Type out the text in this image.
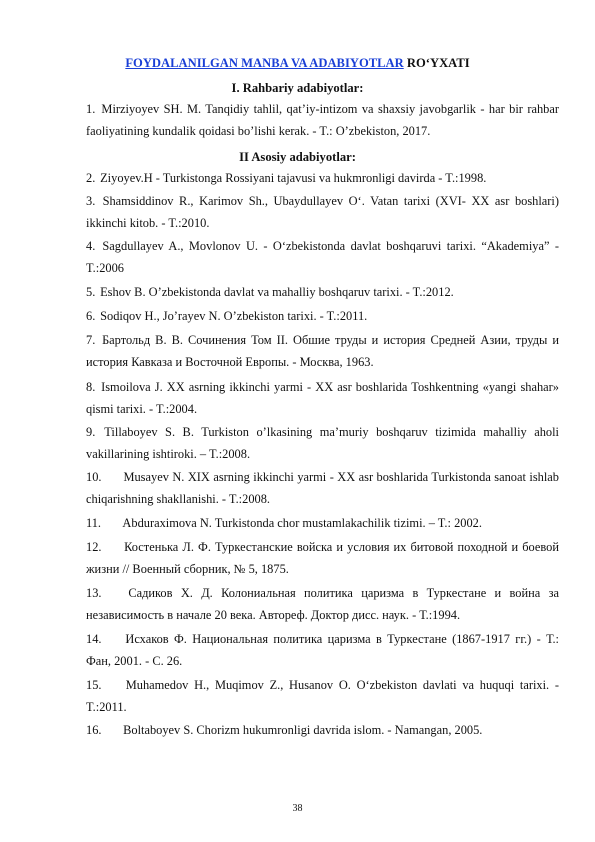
FOYDALANILGAN MANBA VA ADABIYOTLAR RO‘YXATI
I. Rahbariy adabiyotlar:
1. Mirziyoyev SH. M. Tanqidiy tahlil, qat’iy-intizom va shaxsiy javobgarlik - har bir rahbar faoliyatining kundalik qoidasi bo’lishi kerak. - T.: O’zbekiston, 2017.
II Asosiy adabiyotlar:
2. Ziyoyev.H - Turkistonga Rossiyani tajavusi va hukmronligi davirda - T.:1998.
3. Shamsiddinov R., Karimov Sh., Ubaydullayev O‘. Vatan tarixi (XVI- XX asr boshlari) ikkinchi kitob. - T.:2010.
4. Sagdullayev A., Movlonov U. - O‘zbekistonda davlat boshqaruvi tarixi. “Akademiya” - T.:2006
5. Eshov B. O’zbekistonda davlat va mahalliy boshqaruv tarixi. - T.:2012.
6. Sodiqov H., Jo’rayev N. O’zbekiston tarixi. - T.:2011.
7. Бартольд В. В. Сочинения Том II. Обшие труды и история Средней Азии, труды и история Кавказа и Восточной Европы. - Москва, 1963.
8. Ismoilova J. XX asrning ikkinchi yarmi - XX asr boshlarida Toshkentning «yangi shahar» qismi tarixi. - T.:2004.
9. Tillaboyev S. B. Turkiston o’lkasining ma’muriy boshqaruv tizimida mahalliy aholi vakillarining ishtiroki. – T.:2008.
10. Musayev N. XIX asrning ikkinchi yarmi - XX asr boshlarida Turkistonda sanoat ishlab chiqarishning shakllanishi. - T.:2008.
11. Abduraximova N. Turkistonda chor mustamlakachilik tizimi. – T.: 2002.
12. Костенька Л. Ф. Туркестанские войска и условия их битовой походной и боевой жизни // Военный сборник, № 5, 1875.
13. Садиков Х. Д. Колониальная политика царизма в Туркестане и война за независимость в начале 20 века. Автореф. Доктор дисс. наук. - Т.:1994.
14. Исхаков Ф. Национальная политика царизма в Туркестане (1867-1917 гг.) - Т.: Фан, 2001. - С. 26.
15. Muhamedov H., Muqimov Z., Husanov O. O‘zbekiston davlati va huquqi tarixi. - T.:2011.
16. Boltaboyev S. Chorizm hukumronligi davrida islom. - Namangan, 2005.
38
